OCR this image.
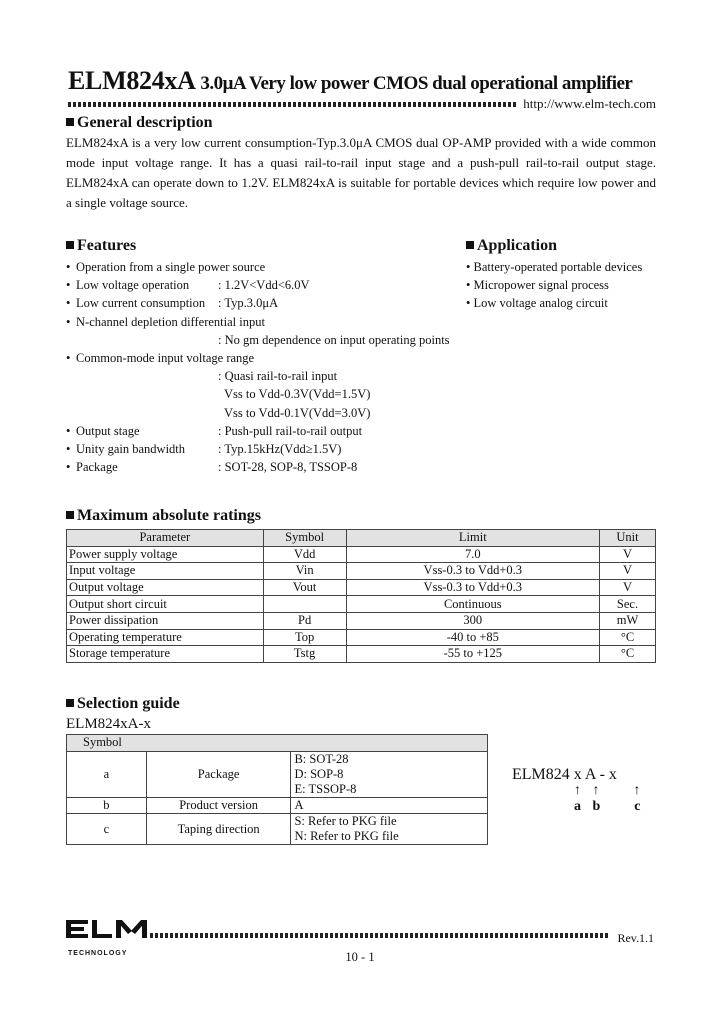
ELM824xA 3.0μA Very low power CMOS dual operational amplifier
http://www.elm-tech.com
General description
ELM824xA is a very low current consumption-Typ.3.0μA CMOS dual OP-AMP provided with a wide common mode input voltage range. It has a quasi rail-to-rail input stage and a push-pull rail-to-rail output stage. ELM824xA can operate down to 1.2V. ELM824xA is suitable for portable devices which require low power and a single voltage source.
Features
• Operation from a single power source
• Low voltage operation : 1.2V<Vdd<6.0V
• Low current consumption : Typ.3.0μA
• N-channel depletion differential input
: No gm dependence on input operating points
• Common-mode input voltage range
: Quasi rail-to-rail input
Vss to Vdd-0.3V(Vdd=1.5V)
Vss to Vdd-0.1V(Vdd=3.0V)
• Output stage	: Push-pull rail-to-rail output
• Unity gain bandwidth	: Typ.15kHz(Vdd≥1.5V)
• Package	: SOT-28, SOP-8, TSSOP-8
Application
• Battery-operated portable devices
• Micropower signal process
• Low voltage analog circuit
Maximum absolute ratings
Parameter	Symbol	Limit	Unit
Power supply voltage	Vdd	7.0	V
Input voltage	Vin	Vss-0.3 to Vdd+0.3	V
Output voltage	Vout	Vss-0.3 to Vdd+0.3	V
Output short circuit		Continuous	Sec.
Power dissipation	Pd	300	mW
Operating temperature	Top	-40 to +85	°C
Storage temperature	Tstg	-55 to +125	°C
Selection guide
ELM824xA-x
Symbol		
a	Package	B: SOT-28
D: SOP-8
E: TSSOP-8

b	Product version	A

c	Taping direction	S: Refer to PKG file
N: Refer to PKG file
ELM824 x A - x
↑ ↑    ↑
a b    c
TECHNOLOGY
Rev.1.1
10 - 1
